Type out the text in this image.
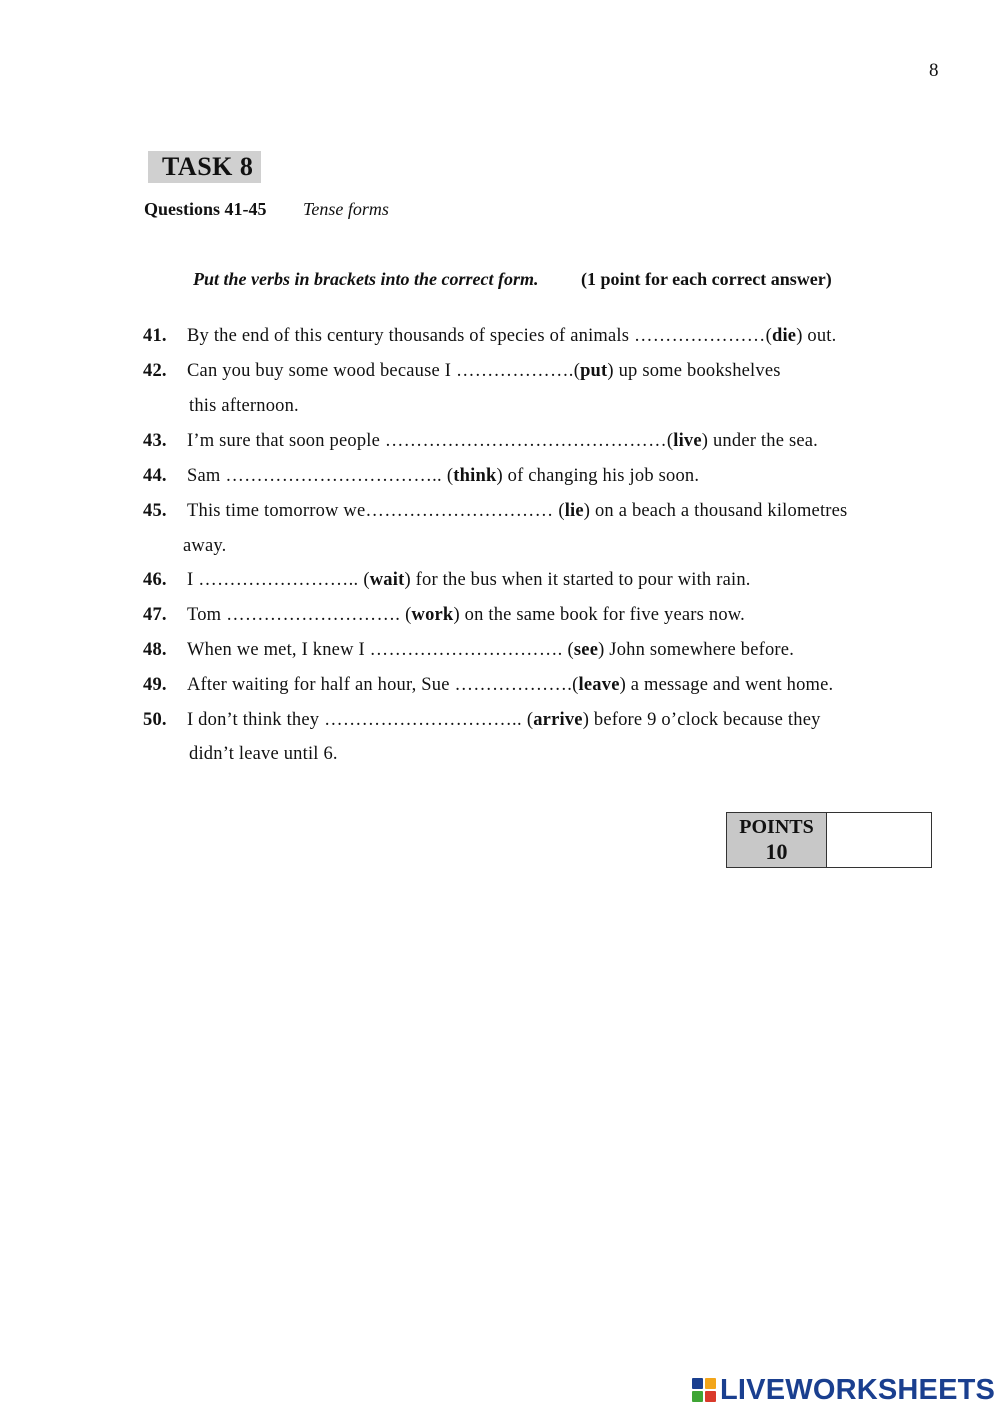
8
TASK 8
Questions 41-45 Tense forms
Put the verbs in brackets into the correct form. (1 point for each correct answer)
41. By the end of this century thousands of species of animals …………………(die) out.
42. Can you buy some wood because I ……………….(put) up some bookshelves
this afternoon.
43. I’m sure that soon people ………………………………………(live) under the sea.
44. Sam …………………………….. (think) of changing his job soon.
45. This time tomorrow we………………………… (lie) on a beach a thousand kilometres
away.
46. I …………………….. (wait) for the bus when it started to pour with rain.
47. Tom ………………………. (work) on the same book for five years now.
48. When we met, I knew I …………………………. (see) John somewhere before.
49. After waiting for half an hour, Sue ……………….(leave) a message and went home.
50. I don’t think they ………………………….. (arrive) before 9 o’clock because they
didn’t leave until 6.
POINTS
10
LIVEWORKSHEETS
